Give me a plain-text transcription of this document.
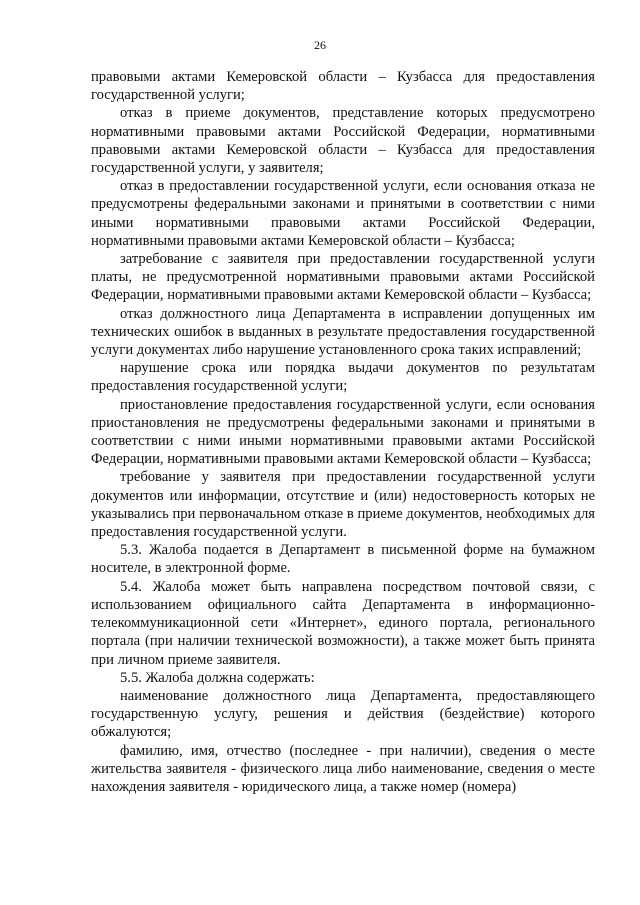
26

правовыми актами Кемеровской области – Кузбасса для предоставления государственной услуги;

отказ в приеме документов, представление которых предусмотрено нормативными правовыми актами Российской Федерации, нормативными правовыми актами Кемеровской области – Кузбасса для предоставления государственной услуги, у заявителя;

отказ в предоставлении государственной услуги, если основания отказа не предусмотрены федеральными законами и принятыми в соответствии с ними иными нормативными правовыми актами Российской Федерации, нормативными правовыми актами Кемеровской области – Кузбасса;

затребование с заявителя при предоставлении государственной услуги платы, не предусмотренной нормативными правовыми актами Российской Федерации, нормативными правовыми актами Кемеровской области – Кузбасса;

отказ должностного лица Департамента в исправлении допущенных им технических ошибок в выданных в результате предоставления государственной услуги документах либо нарушение установленного срока таких исправлений;

нарушение срока или порядка выдачи документов по результатам предоставления государственной услуги;

приостановление предоставления государственной услуги, если основания приостановления не предусмотрены федеральными законами и принятыми в соответствии с ними иными нормативными правовыми актами Российской Федерации, нормативными правовыми актами Кемеровской области – Кузбасса;

требование у заявителя при предоставлении государственной услуги документов или информации, отсутствие и (или) недостоверность которых не указывались при первоначальном отказе в приеме документов, необходимых для предоставления государственной услуги.

5.3. Жалоба подается в Департамент в письменной форме на бумажном носителе, в электронной форме.

5.4. Жалоба может быть направлена посредством почтовой связи, с использованием официального сайта Департамента в информационно-телекоммуникационной сети «Интернет», единого портала, регионального портала (при наличии технической возможности), а также может быть принята при личном приеме заявителя.

5.5. Жалоба должна содержать:

наименование должностного лица Департамента, предоставляющего государственную услугу, решения и действия (бездействие) которого обжалуются;

фамилию, имя, отчество (последнее - при наличии), сведения о месте жительства заявителя - физического лица либо наименование, сведения о месте нахождения заявителя - юридического лица, а также номер (номера)
